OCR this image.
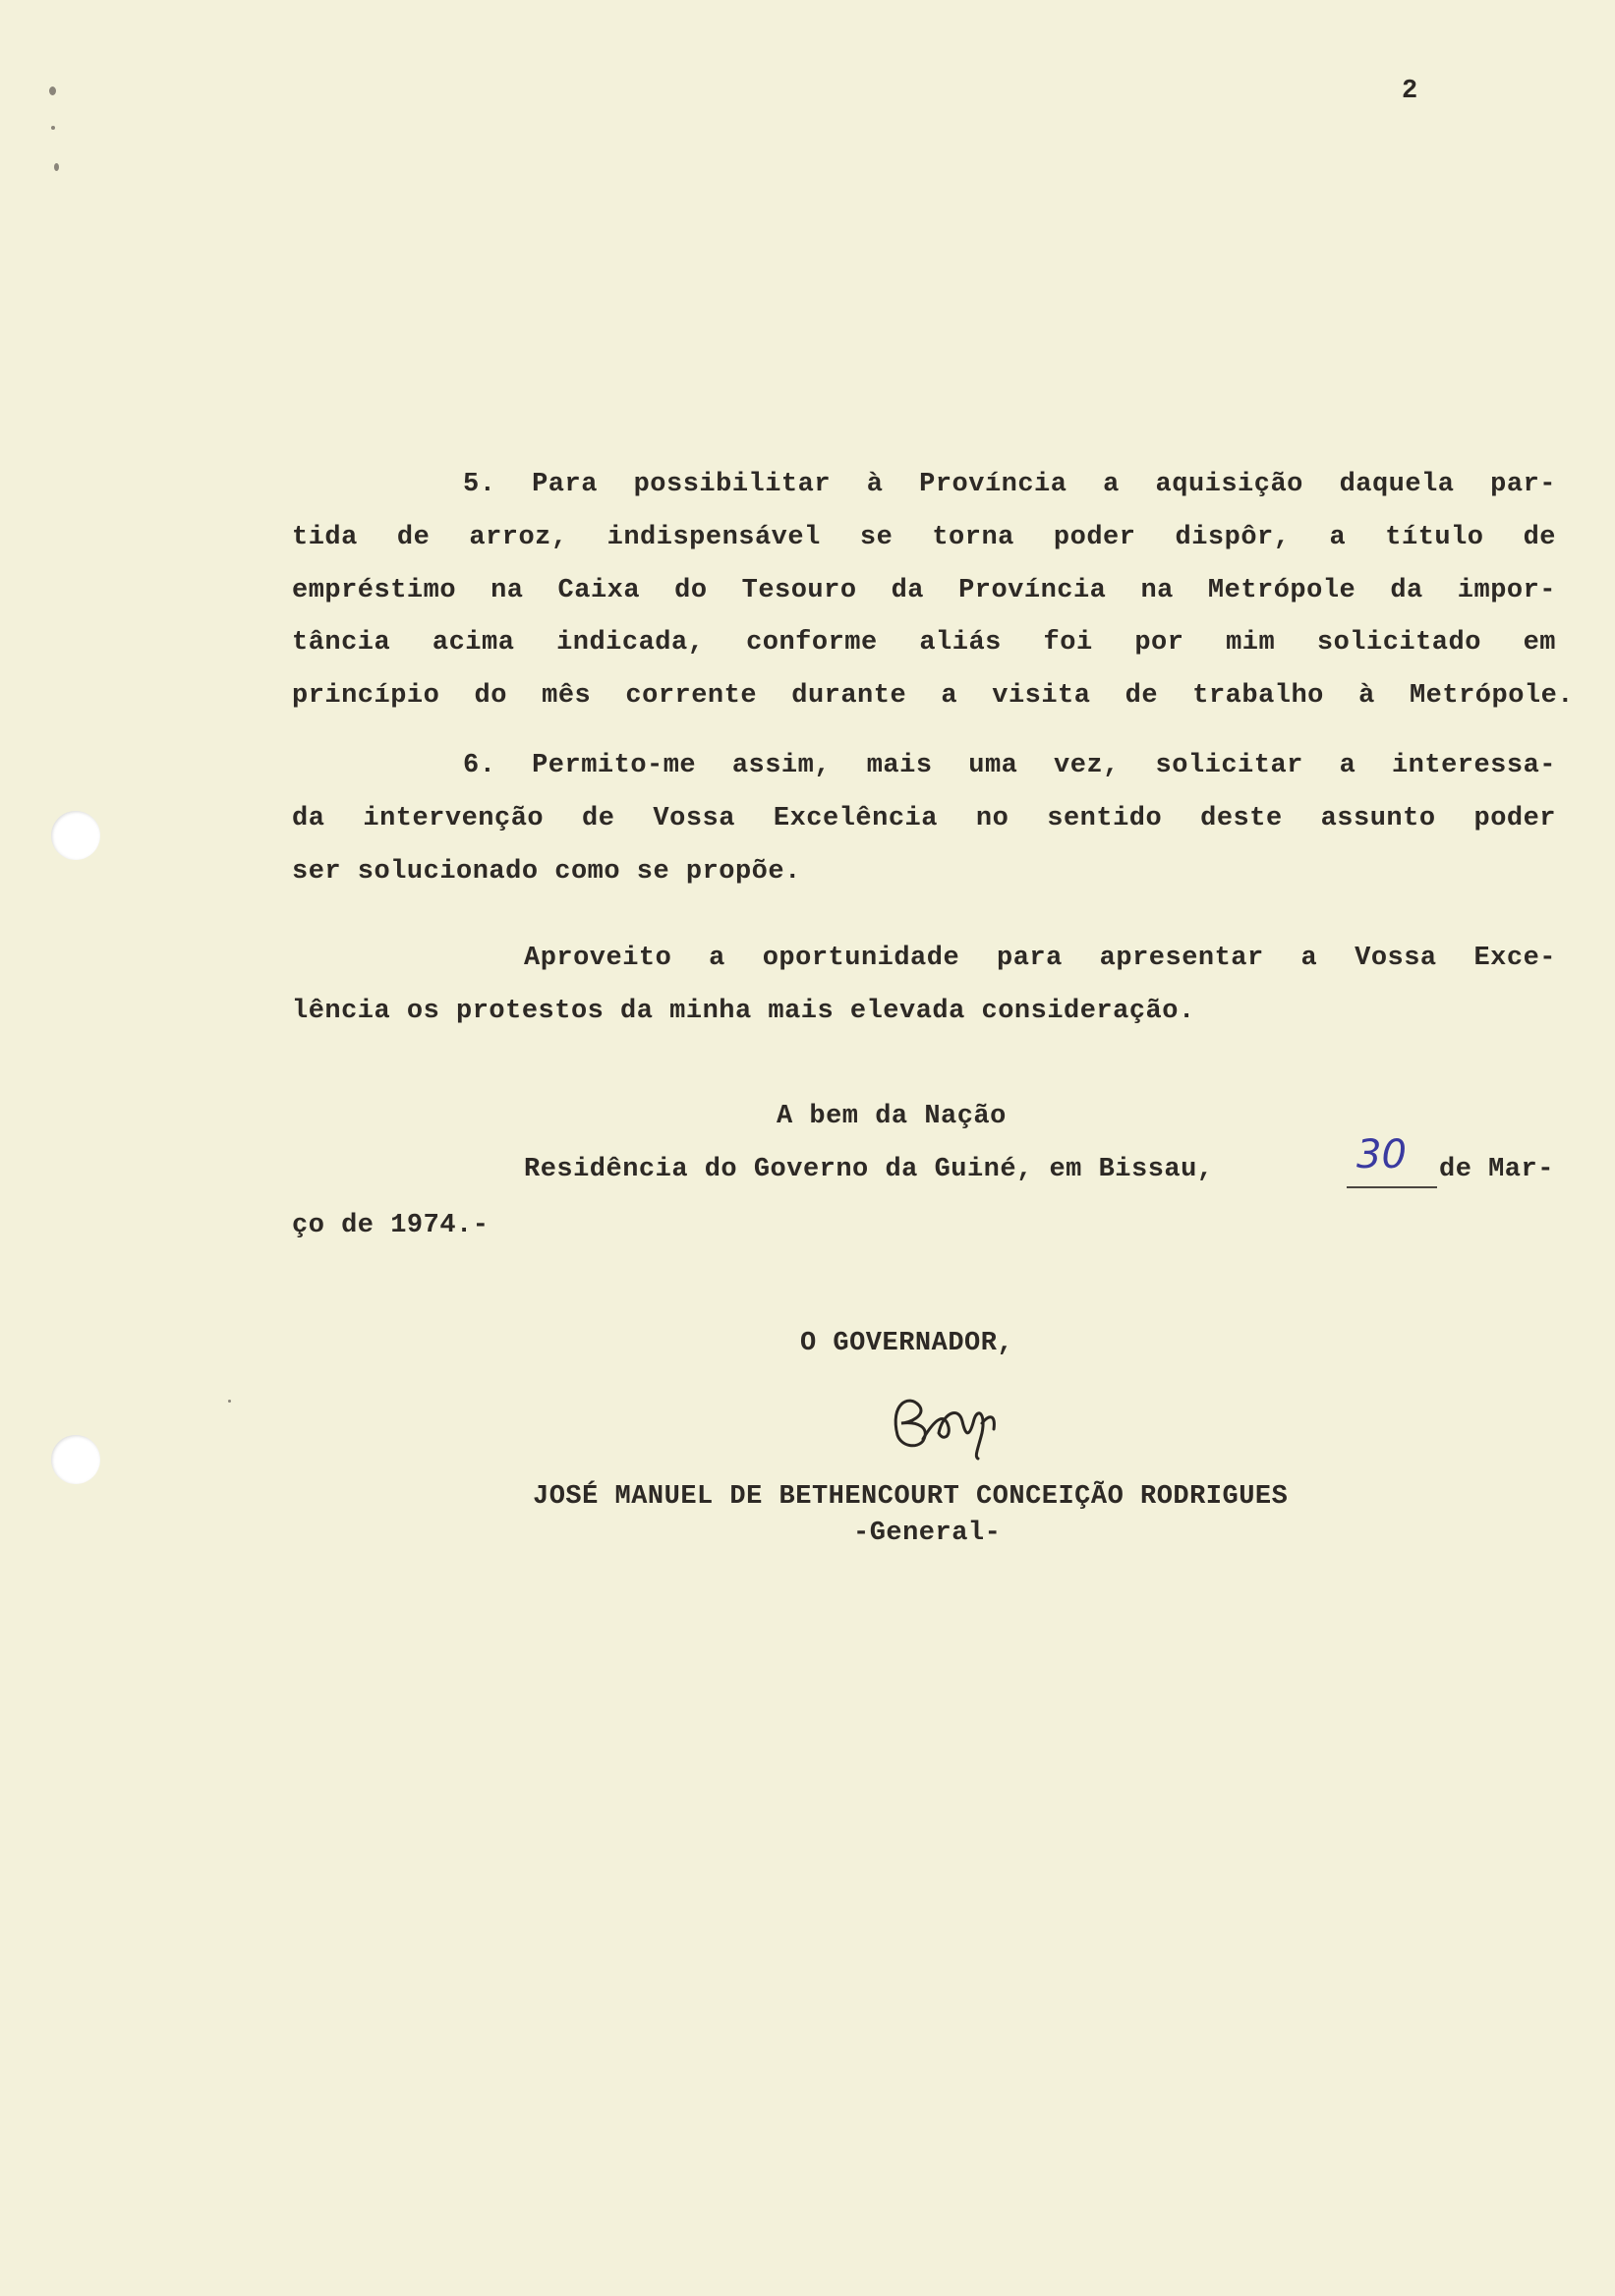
2
5. Para possibilitar à Província a aquisição daquela par-
tida de arroz, indispensável se torna poder dispôr, a título de
empréstimo na Caixa do Tesouro da Província na Metrópole da impor-
tância acima indicada, conforme aliás foi por mim solicitado em
princípio do mês corrente durante a visita de trabalho à Metrópole.
6. Permito-me assim, mais uma vez, solicitar a interessa-
da intervenção de Vossa Excelência no sentido deste assunto poder
ser solucionado como se propõe.
Aproveito a oportunidade para apresentar a Vossa Exce-
lência os protestos da minha mais elevada consideração.
A bem da Nação
Residência do Governo da Guiné, em Bissau,	30 de Mar-
ço de 1974.-
O GOVERNADOR,
JOSÉ MANUEL DE BETHENCOURT CONCEIÇÃO RODRIGUES
-General-
